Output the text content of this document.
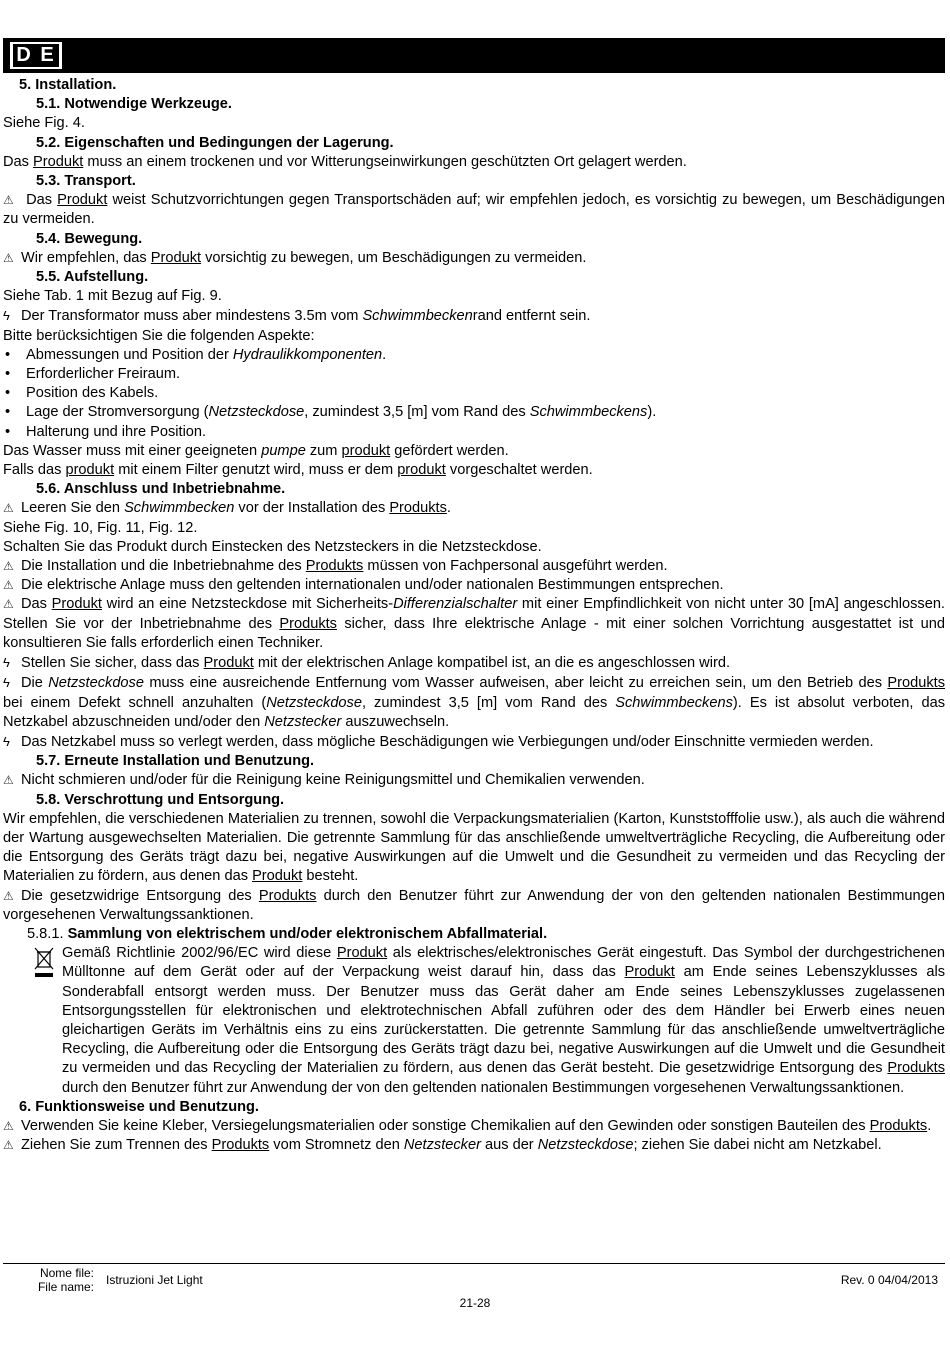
D E

5. Installation.

5.1. Notwendige Werkzeuge.

Siehe Fig. 4.

5.2. Eigenschaften und Bedingungen der Lagerung.

Das Produkt muss an einem trockenen und vor Witterungseinwirkungen geschützten Ort gelagert werden.

5.3. Transport.

⚠ Das Produkt weist Schutzvorrichtungen gegen Transportschäden auf; wir empfehlen jedoch, es vorsichtig zu bewegen, um Beschädigungen zu vermeiden.

5.4. Bewegung.

⚠ Wir empfehlen, das Produkt vorsichtig zu bewegen, um Beschädigungen zu vermeiden.

5.5. Aufstellung.

Siehe Tab. 1 mit Bezug auf Fig. 9.

ϟ Der Transformator muss aber mindestens 3.5m vom Schwimmbeckenrand entfernt sein.

Bitte berücksichtigen Sie die folgenden Aspekte:

• Abmessungen und Position der Hydraulikkomponenten.

• Erforderlicher Freiraum.

• Position des Kabels.

• Lage der Stromversorgung (Netzsteckdose, zumindest 3,5 [m] vom Rand des Schwimmbeckens).

• Halterung und ihre Position.

Das Wasser muss mit einer geeigneten pumpe zum produkt gefördert werden.

Falls das produkt mit einem Filter genutzt wird, muss er dem produkt vorgeschaltet werden.

5.6. Anschluss und Inbetriebnahme.

⚠ Leeren Sie den Schwimmbecken vor der Installation des Produkts.

Siehe Fig. 10, Fig. 11, Fig. 12.

Schalten Sie das Produkt durch Einstecken des Netzsteckers in die Netzsteckdose.

⚠ Die Installation und die Inbetriebnahme des Produkts müssen von Fachpersonal ausgeführt werden.

⚠ Die elektrische Anlage muss den geltenden internationalen und/oder nationalen Bestimmungen entsprechen.

⚠ Das Produkt wird an eine Netzsteckdose mit Sicherheits-Differenzialschalter mit einer Empfindlichkeit von nicht unter 30 [mA] angeschlossen. Stellen Sie vor der Inbetriebnahme des Produkts sicher, dass Ihre elektrische Anlage - mit einer solchen Vorrichtung ausgestattet ist und konsultieren Sie falls erforderlich einen Techniker.

ϟ Stellen Sie sicher, dass das Produkt mit der elektrischen Anlage kompatibel ist, an die es angeschlossen wird.

ϟ Die Netzsteckdose muss eine ausreichende Entfernung vom Wasser aufweisen, aber leicht zu erreichen sein, um den Betrieb des Produkts bei einem Defekt schnell anzuhalten (Netzsteckdose, zumindest 3,5 [m] vom Rand des Schwimmbeckens). Es ist absolut verboten, das Netzkabel abzuschneiden und/oder den Netzstecker auszuwechseln.

ϟ Das Netzkabel muss so verlegt werden, dass mögliche Beschädigungen wie Verbiegungen und/oder Einschnitte vermieden werden.

5.7. Erneute Installation und Benutzung.

⚠ Nicht schmieren und/oder für die Reinigung keine Reinigungsmittel und Chemikalien verwenden.

5.8. Verschrottung und Entsorgung.

Wir empfehlen, die verschiedenen Materialien zu trennen, sowohl die Verpackungsmaterialien (Karton, Kunststofffolie usw.), als auch die während der Wartung ausgewechselten Materialien. Die getrennte Sammlung für das anschließende umweltverträgliche Recycling, die Aufbereitung oder die Entsorgung des Geräts trägt dazu bei, negative Auswirkungen auf die Umwelt und die Gesundheit zu vermeiden und das Recycling der Materialien zu fördern, aus denen das Produkt besteht.

⚠ Die gesetzwidrige Entsorgung des Produkts durch den Benutzer führt zur Anwendung der von den geltenden nationalen Bestimmungen vorgesehenen Verwaltungssanktionen.

5.8.1. Sammlung von elektrischem und/oder elektronischem Abfallmaterial.

Gemäß Richtlinie 2002/96/EC wird diese Produkt als elektrisches/elektronisches Gerät eingestuft. Das Symbol der durchgestrichenen Mülltonne auf dem Gerät oder auf der Verpackung weist darauf hin, dass das Produkt am Ende seines Lebenszyklusses als Sonderabfall entsorgt werden muss. Der Benutzer muss das Gerät daher am Ende seines Lebenszyklusses zugelassenen Entsorgungsstellen für elektronischen und elektrotechnischen Abfall zuführen oder des dem Händler bei Erwerb eines neuen gleichartigen Geräts im Verhältnis eins zu eins zurückerstatten. Die getrennte Sammlung für das anschließende umweltverträgliche Recycling, die Aufbereitung oder die Entsorgung des Geräts trägt dazu bei, negative Auswirkungen auf die Umwelt und die Gesundheit zu vermeiden und das Recycling der Materialien zu fördern, aus denen das Gerät besteht. Die gesetzwidrige Entsorgung des Produkts durch den Benutzer führt zur Anwendung der von den geltenden nationalen Bestimmungen vorgesehenen Verwaltungssanktionen.

6. Funktionsweise und Benutzung.

⚠ Verwenden Sie keine Kleber, Versiegelungsmaterialien oder sonstige Chemikalien auf den Gewinden oder sonstigen Bauteilen des Produkts.

⚠ Ziehen Sie zum Trennen des Produkts vom Stromnetz den Netzstecker aus der Netzsteckdose; ziehen Sie dabei nicht am Netzkabel.

Nome file:
File name: Istruzioni Jet Light	Rev. 0 04/04/2013
21-28
